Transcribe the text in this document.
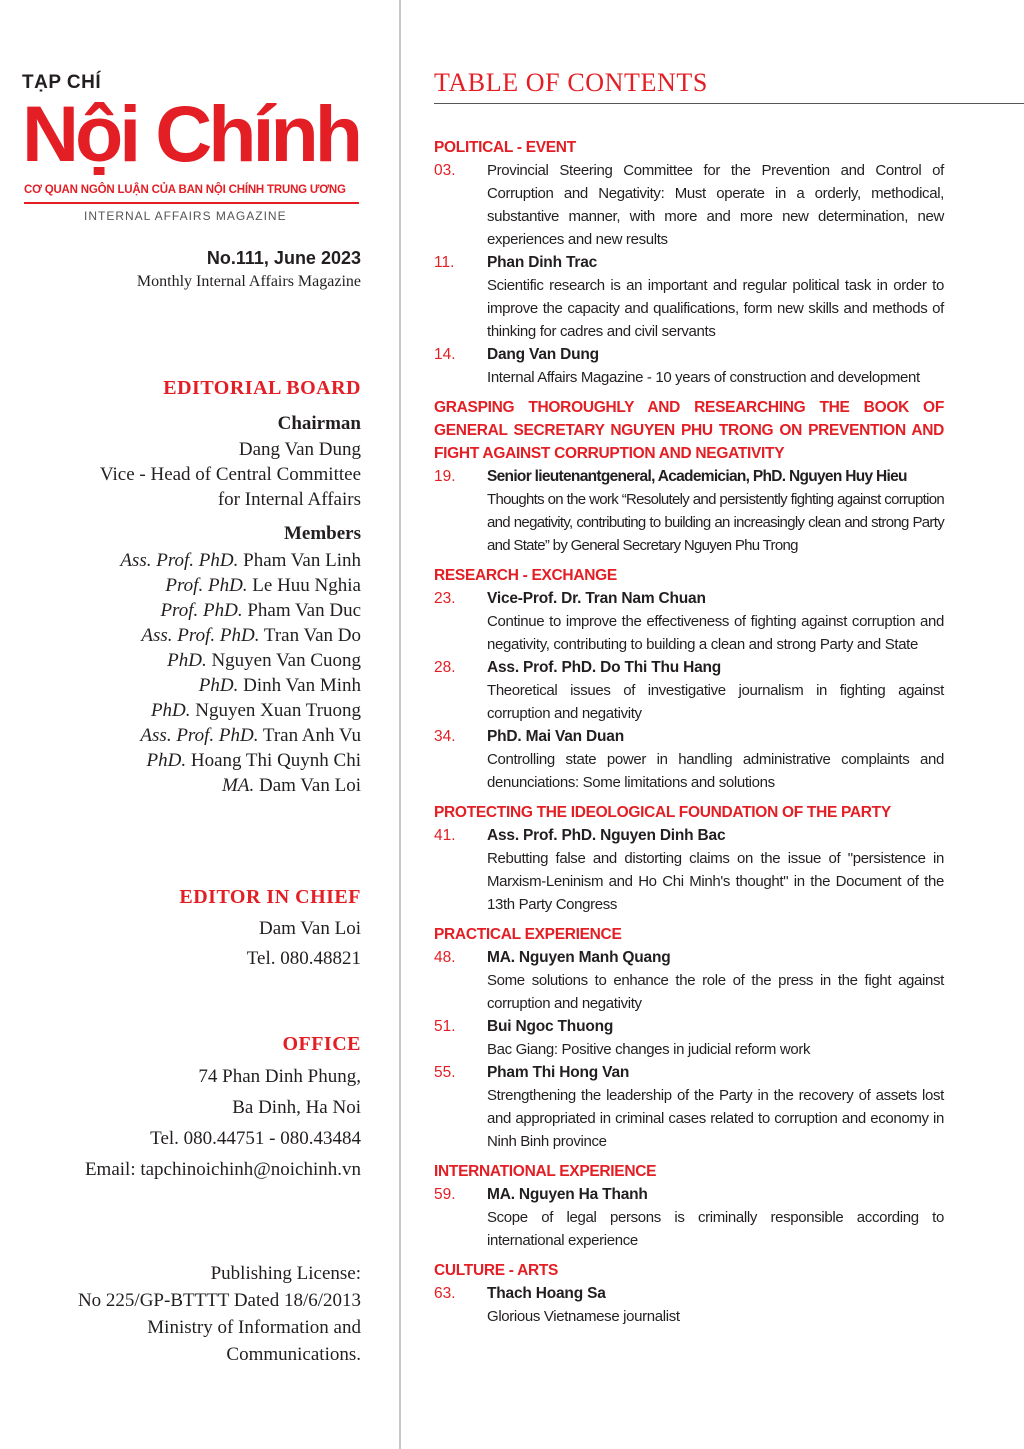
TẠP CHÍ
Nội Chính
CƠ QUAN NGÔN LUẬN CỦA BAN NỘI CHÍNH TRUNG ƯƠNG
INTERNAL AFFAIRS MAGAZINE
No.111, June 2023
Monthly Internal Affairs Magazine
EDITORIAL BOARD
Chairman
Dang Van Dung
Vice - Head of Central Committee
for Internal Affairs
Members
Ass. Prof. PhD. Pham Van Linh
Prof. PhD. Le Huu Nghia
Prof. PhD. Pham Van Duc
Ass. Prof. PhD. Tran Van Do
PhD. Nguyen Van Cuong
PhD. Dinh Van Minh
PhD. Nguyen Xuan Truong
Ass. Prof. PhD. Tran Anh Vu
PhD. Hoang Thi Quynh Chi
MA. Dam Van Loi
EDITOR IN CHIEF
Dam Van Loi
Tel. 080.48821
OFFICE
74 Phan Dinh Phung,
Ba Dinh, Ha Noi
Tel. 080.44751 - 080.43484
Email: tapchinoichinh@noichinh.vn
Publishing License:
No 225/GP-BTTTT Dated 18/6/2013
Ministry of Information and
Communications.
TABLE OF CONTENTS
POLITICAL - EVENT
03.	Provincial Steering Committee for the Prevention and Control of Corruption and Negativity: Must operate in a orderly, methodical, substantive manner, with more and more new determination, new experiences and new results
11.	Phan Dinh Trac
Scientific research is an important and regular political task in order to improve the capacity and qualifications, form new skills and methods of thinking for cadres and civil servants
14.	Dang Van Dung
Internal Affairs Magazine - 10 years of construction and development
GRASPING THOROUGHLY AND RESEARCHING THE BOOK OF GENERAL SECRETARY NGUYEN PHU TRONG ON PREVENTION AND FIGHT AGAINST CORRUPTION AND NEGATIVITY
19.	Senior lieutenantgeneral, Academician, PhD. Nguyen Huy Hieu
Thoughts on the work “Resolutely and persistently fighting against corruption and negativity, contributing to building an increasingly clean and strong Party and State” by General Secretary Nguyen Phu Trong
RESEARCH - EXCHANGE
23.	Vice-Prof. Dr. Tran Nam Chuan
Continue to improve the effectiveness of fighting against corruption and negativity, contributing to building a clean and strong Party and State
28.	Ass. Prof. PhD. Do Thi Thu Hang
Theoretical issues of investigative journalism in fighting against corruption and negativity
34.	PhD. Mai Van Duan
Controlling state power in handling administrative complaints and denunciations: Some limitations and solutions
PROTECTING THE IDEOLOGICAL FOUNDATION OF THE PARTY
41.	Ass. Prof. PhD. Nguyen Dinh Bac
Rebutting false and distorting claims on the issue of "persistence in Marxism-Leninism and Ho Chi Minh's thought" in the Document of the 13th Party Congress
PRACTICAL EXPERIENCE
48.	MA. Nguyen Manh Quang
Some solutions to enhance the role of the press in the fight against corruption and negativity
51.	Bui Ngoc Thuong
Bac Giang: Positive changes in judicial reform work
55.	Pham Thi Hong Van
Strengthening the leadership of the Party in the recovery of assets lost and appropriated in criminal cases related to corruption and economy in Ninh Binh province
INTERNATIONAL EXPERIENCE
59.	MA. Nguyen Ha Thanh
Scope of legal persons is criminally responsible according to international experience
CULTURE - ARTS
63.	Thach Hoang Sa
Glorious Vietnamese journalist
